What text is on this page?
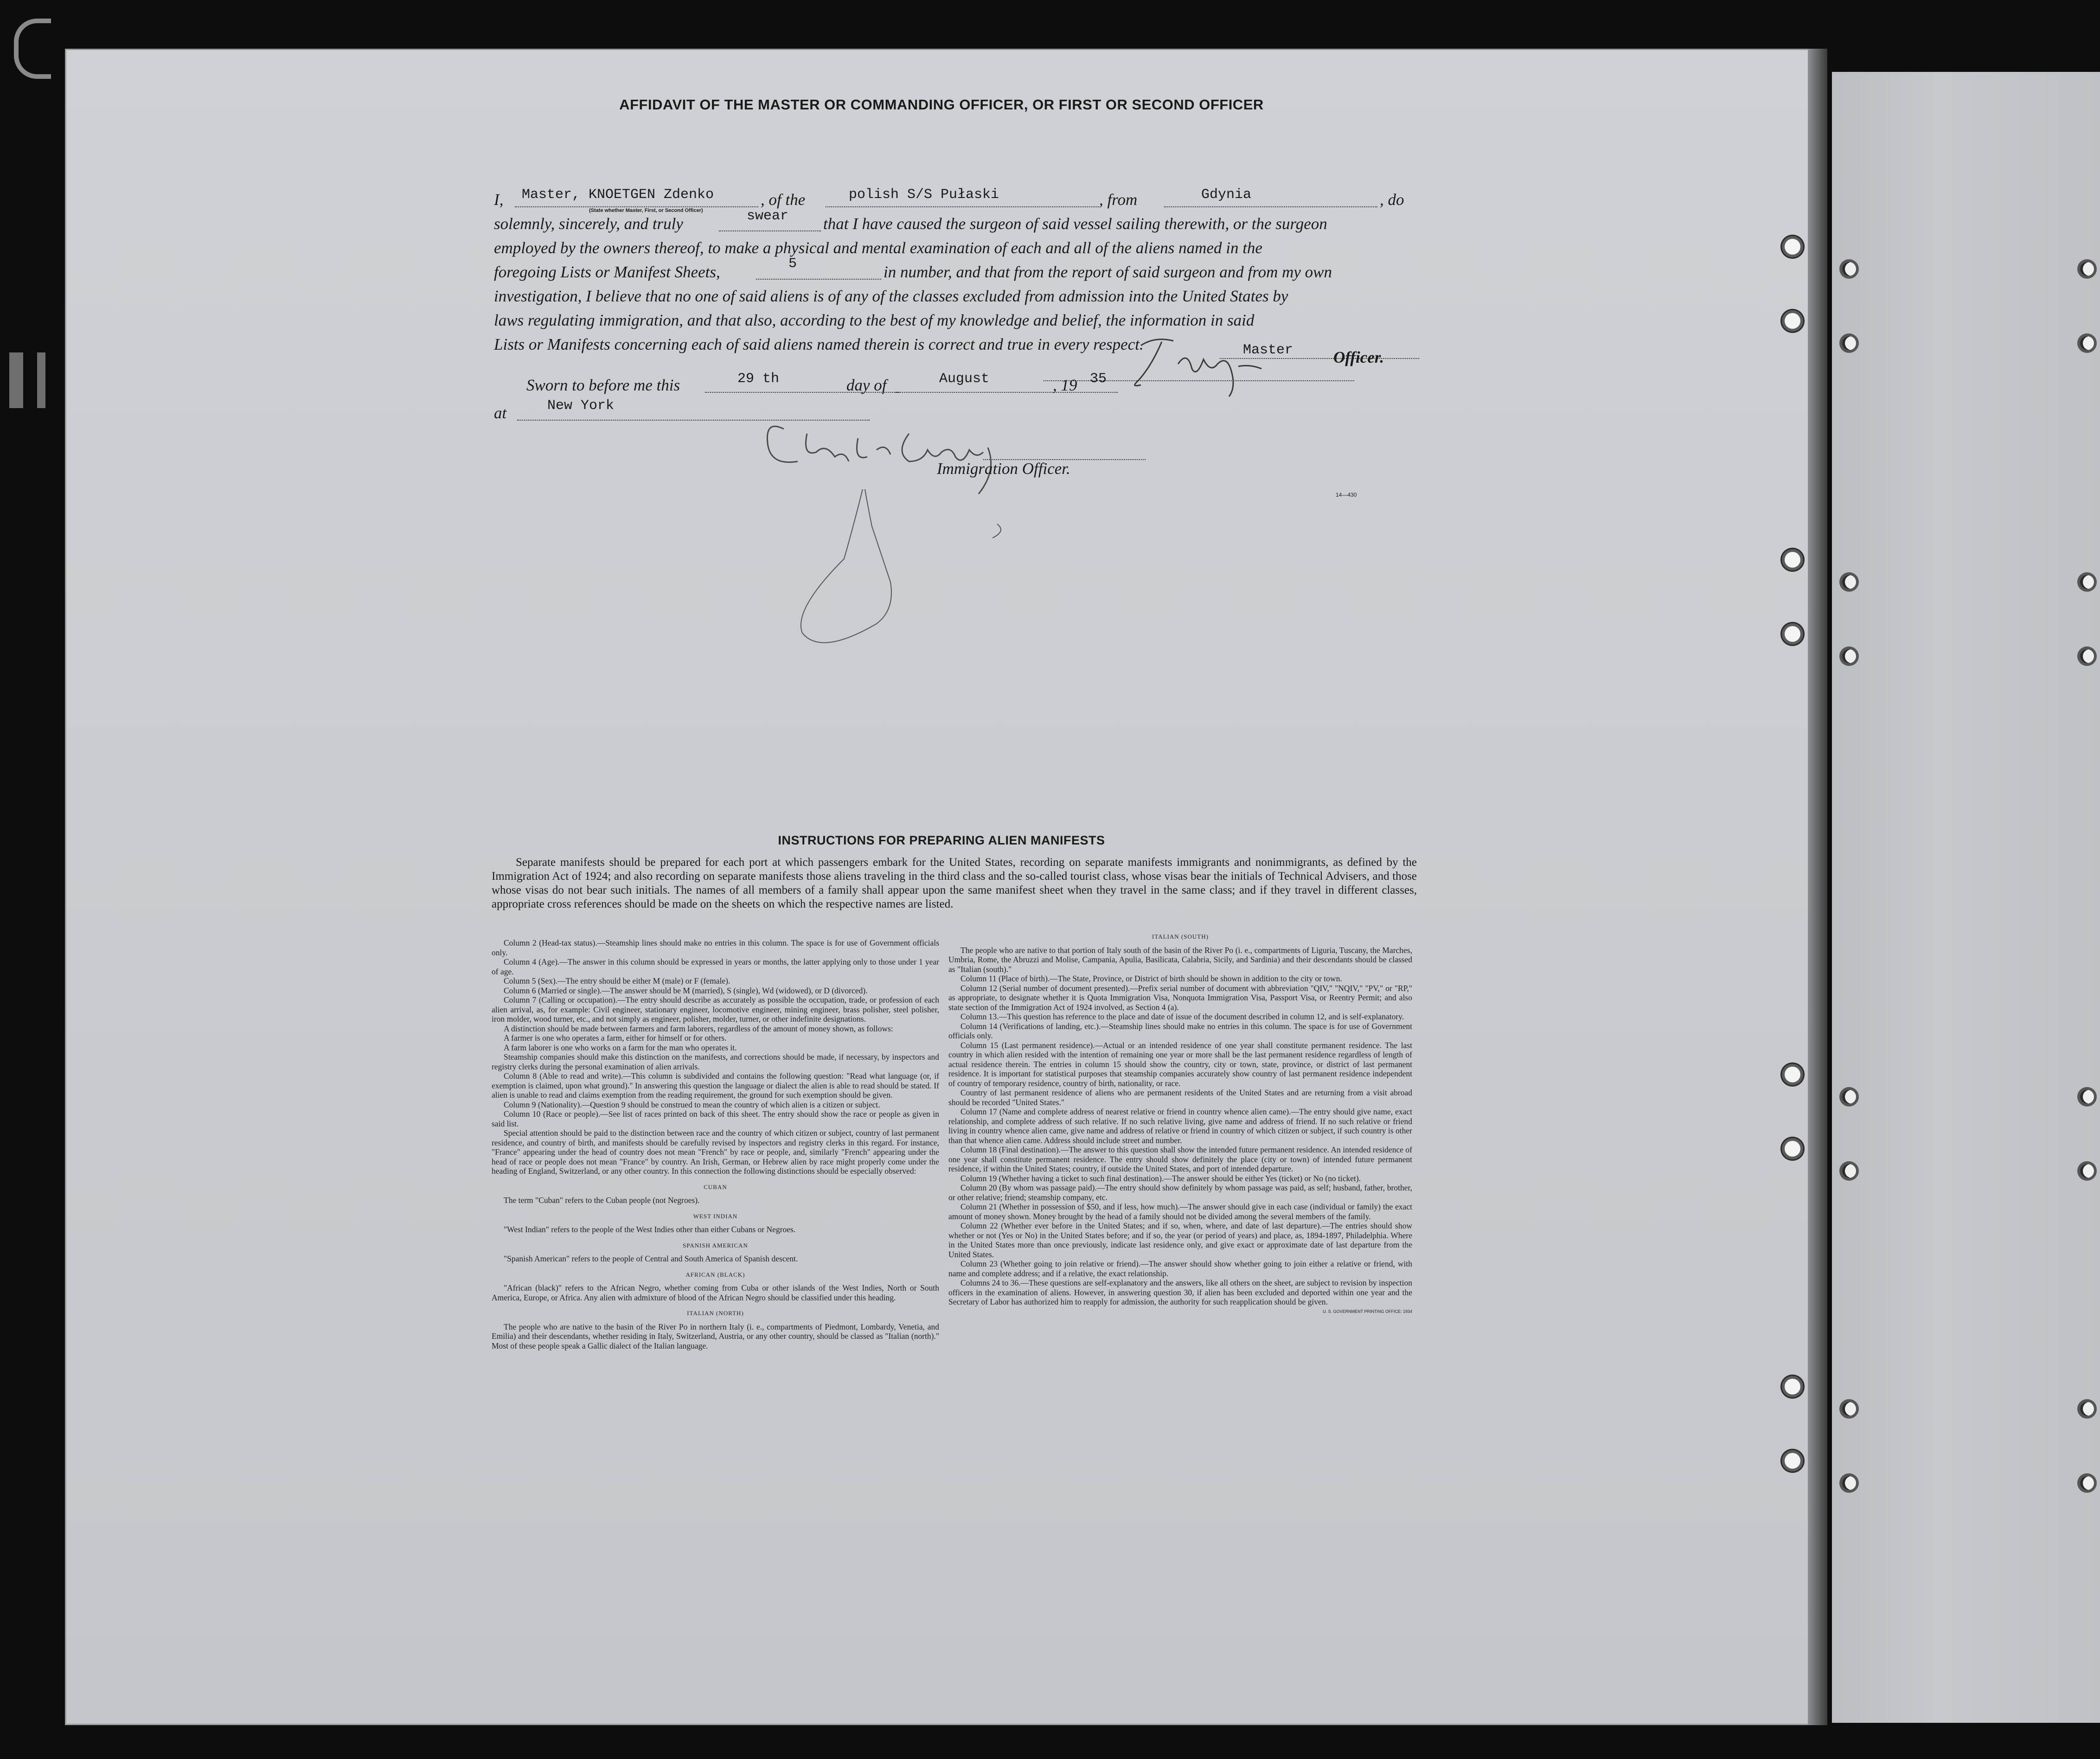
AFFIDAVIT OF THE MASTER OR COMMANDING OFFICER, OR FIRST OR SECOND OFFICER
I, Master, KNOETGEN Zdenko
(State whether Master, First, or Second Officer)
, of the	polish S/S Pułaski	, from	Gdynia	, do
solemnly, sincerely, and truly	swear that I have caused the surgeon of said vessel sailing therewith, or the surgeon
employed by the owners thereof, to make a physical and mental examination of each and all of the aliens named in the
foregoing Lists or Manifest Sheets,	5	in number, and that from the report of said surgeon and from my own
investigation, I believe that no one of said aliens is of any of the classes excluded from admission into the United States by
laws regulating immigration, and that also, according to the best of my knowledge and belief, the information in said
Lists or Manifests concerning each of said aliens named therein is correct and true in every respect.	Master Officer.
Sworn to before me this	29 th	day of	August	, 19 35
at	New York
Immigration Officer.
14—430
INSTRUCTIONS FOR PREPARING ALIEN MANIFESTS
Separate manifests should be prepared for each port at which passengers embark for the United States, recording on separate manifests immigrants and nonimmigrants, as defined by the Immigration Act of 1924; and also recording on separate manifests those aliens traveling in the third class and the so-called tourist class, whose visas bear the initials of Technical Advisers, and those whose visas do not bear such initials. The names of all members of a family shall appear upon the same manifest sheet when they travel in the same class; and if they travel in different classes, appropriate cross references should be made on the sheets on which the respective names are listed.

Column 2 (Head-tax status).—Steamship lines should make no entries in this column. The space is for use of Government officials only.

Column 4 (Age).—The answer in this column should be expressed in years or months, the latter applying only to those under 1 year of age.

Column 5 (Sex).—The entry should be either M (male) or F (female).

Column 6 (Married or single).—The answer should be M (married), S (single), Wd (widowed), or D (divorced).

Column 7 (Calling or occupation).—The entry should describe as accurately as possible the occupation, trade, or profession of each alien arrival, as, for example: Civil engineer, stationary engineer, locomotive engineer, mining engineer, brass polisher, steel polisher, iron molder, wood turner, etc., and not simply as engineer, polisher, molder, turner, or other indefinite designations.

A distinction should be made between farmers and farm laborers, regardless of the amount of money shown, as follows:

A farmer is one who operates a farm, either for himself or for others.

A farm laborer is one who works on a farm for the man who operates it.

Steamship companies should make this distinction on the manifests, and corrections should be made, if necessary, by inspectors and registry clerks during the personal examination of alien arrivals.

Column 8 (Able to read and write).—This column is subdivided and contains the following question: "Read what language (or, if exemption is claimed, upon what ground)." In answering this question the language or dialect the alien is able to read should be stated. If alien is unable to read and claims exemption from the reading requirement, the ground for such exemption should be given.

Column 9 (Nationality).—Question 9 should be construed to mean the country of which alien is a citizen or subject.

Column 10 (Race or people).—See list of races printed on back of this sheet. The entry should show the race or people as given in said list.

Special attention should be paid to the distinction between race and the country of which citizen or subject, country of last permanent residence, and country of birth, and manifests should be carefully revised by inspectors and registry clerks in this regard. For instance, "France" appearing under the head of country does not mean "French" by race or people, and, similarly "French" appearing under the head of race or people does not mean "France" by country. An Irish, German, or Hebrew alien by race might properly come under the heading of England, Switzerland, or any other country. In this connection the following distinctions should be especially observed:

CUBAN

The term "Cuban" refers to the Cuban people (not Negroes).

WEST INDIAN

"West Indian" refers to the people of the West Indies other than either Cubans or Negroes.

SPANISH AMERICAN

"Spanish American" refers to the people of Central and South America of Spanish descent.

AFRICAN (BLACK)

"African (black)" refers to the African Negro, whether coming from Cuba or other islands of the West Indies, North or South America, Europe, or Africa. Any alien with admixture of blood of the African Negro should be classified under this heading.

ITALIAN (NORTH)

The people who are native to the basin of the River Po in northern Italy (i. e., compartments of Piedmont, Lombardy, Venetia, and Emilia) and their descendants, whether residing in Italy, Switzerland, Austria, or any other country, should be classed as "Italian (north)." Most of these people speak a Gallic dialect of the Italian language.

ITALIAN (SOUTH)

The people who are native to that portion of Italy south of the basin of the River Po (i. e., compartments of Liguria, Tuscany, the Marches, Umbria, Rome, the Abruzzi and Molise, Campania, Apulia, Basilicata, Calabria, Sicily, and Sardinia) and their descendants should be classed as "Italian (south)."

Column 11 (Place of birth).—The State, Province, or District of birth should be shown in addition to the city or town.

Column 12 (Serial number of document presented).—Prefix serial number of document with abbreviation "QIV," "NQIV," "PV," or "RP," as appropriate, to designate whether it is Quota Immigration Visa, Nonquota Immigration Visa, Passport Visa, or Reentry Permit; and also state section of the Immigration Act of 1924 involved, as Section 4 (a).

Column 13.—This question has reference to the place and date of issue of the document described in column 12, and is self-explanatory.

Column 14 (Verifications of landing, etc.).—Steamship lines should make no entries in this column. The space is for use of Government officials only.

Column 15 (Last permanent residence).—Actual or an intended residence of one year shall constitute permanent residence. The last country in which alien resided with the intention of remaining one year or more shall be the last permanent residence regardless of length of actual residence therein. The entries in column 15 should show the country, city or town, state, province, or district of last permanent residence. It is important for statistical purposes that steamship companies accurately show country of last permanent residence independent of country of temporary residence, country of birth, nationality, or race.

Country of last permanent residence of aliens who are permanent residents of the United States and are returning from a visit abroad should be recorded "United States."

Column 17 (Name and complete address of nearest relative or friend in country whence alien came).—The entry should give name, exact relationship, and complete address of such relative. If no such relative living, give name and address of friend. If no such relative or friend living in country whence alien came, give name and address of relative or friend in country of which citizen or subject, if such country is other than that whence alien came. Address should include street and number.

Column 18 (Final destination).—The answer to this question shall show the intended future permanent residence. An intended residence of one year shall constitute permanent residence. The entry should show definitely the place (city or town) of intended future permanent residence, if within the United States; country, if outside the United States, and port of intended departure.

Column 19 (Whether having a ticket to such final destination).—The answer should be either Yes (ticket) or No (no ticket).

Column 20 (By whom was passage paid).—The entry should show definitely by whom passage was paid, as self; husband, father, brother, or other relative; friend; steamship company, etc.

Column 21 (Whether in possession of $50, and if less, how much).—The answer should give in each case (individual or family) the exact amount of money shown. Money brought by the head of a family should not be divided among the several members of the family.

Column 22 (Whether ever before in the United States; and if so, when, where, and date of last departure).—The entries should show whether or not (Yes or No) in the United States before; and if so, the year (or period of years) and place, as, 1894-1897, Philadelphia. Where in the United States more than once previously, indicate last residence only, and give exact or approximate date of last departure from the United States.

Column 23 (Whether going to join relative or friend).—The answer should show whether going to join either a relative or friend, with name and complete address; and if a relative, the exact relationship.

Columns 24 to 36.—These questions are self-explanatory and the answers, like all others on the sheet, are subject to revision by inspection officers in the examination of aliens. However, in answering question 30, if alien has been excluded and deported within one year and the Secretary of Labor has authorized him to reapply for admission, the authority for such reapplication should be given.

U. S. GOVERNMENT PRINTING OFFICE: 1934
